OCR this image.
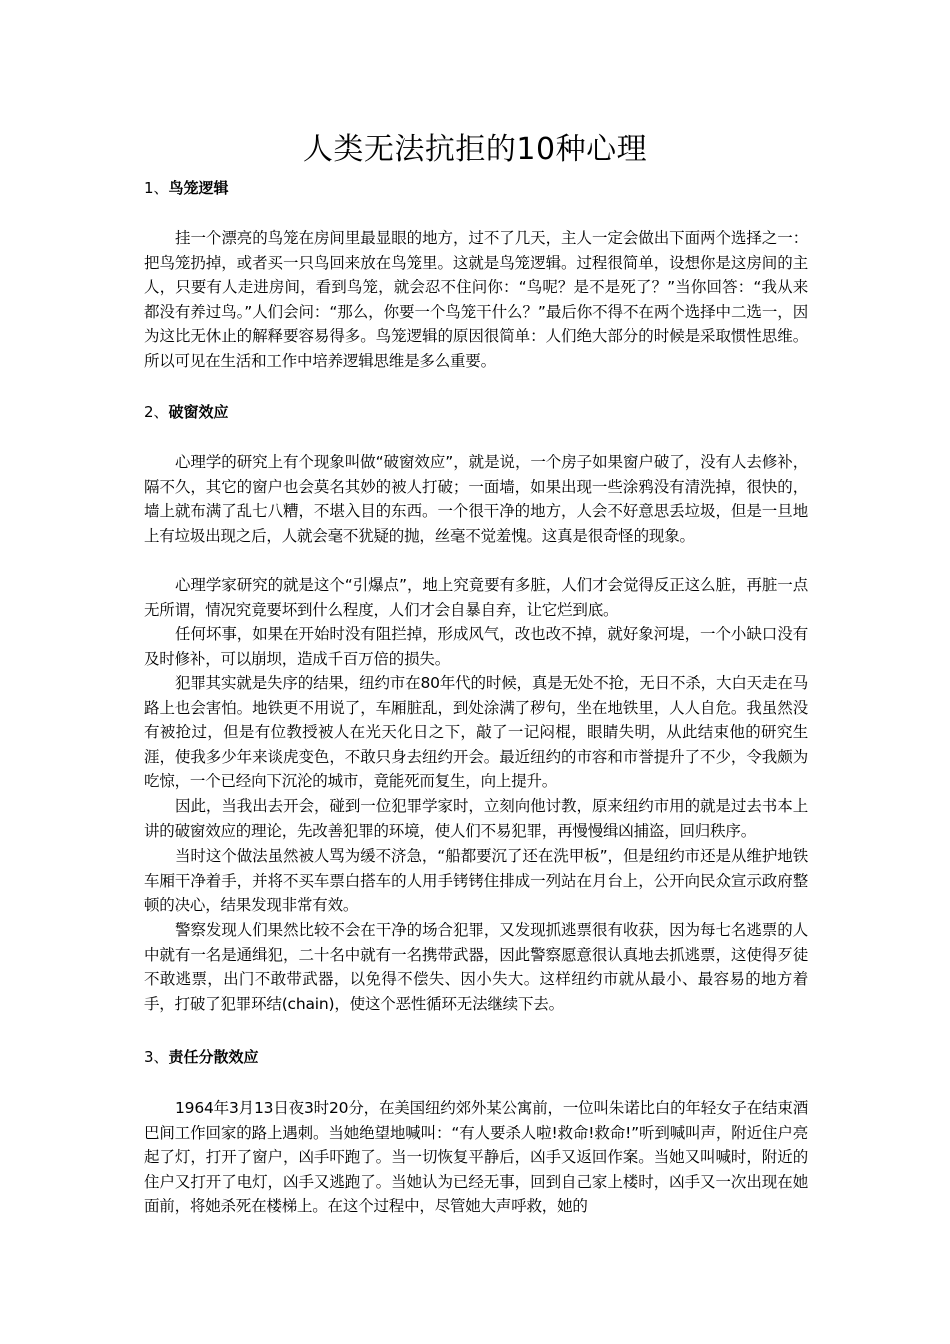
人类无法抗拒的10种心理
1、鸟笼逻辑

挂一个漂亮的鸟笼在房间里最显眼的地方，过不了几天，主人一定会做出下面两个选择之一：把鸟笼扔掉，或者买一只鸟回来放在鸟笼里。这就是鸟笼逻辑。过程很简单，设想你是这房间的主人，只要有人走进房间，看到鸟笼，就会忍不住问你：“鸟呢？是不是死了？”当你回答：“我从来都没有养过鸟。”人们会问：“那么，你要一个鸟笼干什么？”最后你不得不在两个选择中二选一，因为这比无休止的解释要容易得多。鸟笼逻辑的原因很简单：人们绝大部分的时候是采取惯性思维。所以可见在生活和工作中培养逻辑思维是多么重要。

2、破窗效应

心理学的研究上有个现象叫做“破窗效应”，就是说，一个房子如果窗户破了，没有人去修补，隔不久，其它的窗户也会莫名其妙的被人打破；一面墙，如果出现一些涂鸦没有清洗掉，很快的，墙上就布满了乱七八糟，不堪入目的东西。一个很干净的地方，人会不好意思丢垃圾，但是一旦地上有垃圾出现之后，人就会毫不犹疑的抛，丝毫不觉羞愧。这真是很奇怪的现象。

心理学家研究的就是这个“引爆点”，地上究竟要有多脏，人们才会觉得反正这么脏，再脏一点无所谓，情况究竟要坏到什么程度，人们才会自暴自弃，让它烂到底。

任何坏事，如果在开始时没有阻拦掉，形成风气，改也改不掉，就好象河堤，一个小缺口没有及时修补，可以崩坝，造成千百万倍的损失。

犯罪其实就是失序的结果，纽约市在80年代的时候，真是无处不抢，无日不杀，大白天走在马路上也会害怕。地铁更不用说了，车厢脏乱，到处涂满了秽句，坐在地铁里，人人自危。我虽然没有被抢过，但是有位教授被人在光天化日之下，敲了一记闷棍，眼睛失明，从此结束他的研究生涯，使我多少年来谈虎变色，不敢只身去纽约开会。最近纽约的市容和市誉提升了不少，令我颇为吃惊，一个已经向下沉沦的城市，竟能死而复生，向上提升。

因此，当我出去开会，碰到一位犯罪学家时，立刻向他讨教，原来纽约市用的就是过去书本上讲的破窗效应的理论，先改善犯罪的环境，使人们不易犯罪，再慢慢缉凶捕盗，回归秩序。

当时这个做法虽然被人骂为缓不济急，“船都要沉了还在洗甲板”，但是纽约市还是从维护地铁车厢干净着手，并将不买车票白搭车的人用手铐铐住排成一列站在月台上，公开向民众宣示政府整顿的决心，结果发现非常有效。

警察发现人们果然比较不会在干净的场合犯罪，又发现抓逃票很有收获，因为每七名逃票的人中就有一名是通缉犯，二十名中就有一名携带武器，因此警察愿意很认真地去抓逃票，这使得歹徒不敢逃票，出门不敢带武器，以免得不偿失、因小失大。这样纽约市就从最小、最容易的地方着手，打破了犯罪环结(chain)，使这个恶性循环无法继续下去。

3、责任分散效应

1964年3月13日夜3时20分，在美国纽约郊外某公寓前，一位叫朱诺比白的年轻女子在结束酒巴间工作回家的路上遇刺。当她绝望地喊叫：“有人要杀人啦!救命!救命!”听到喊叫声，附近住户亮起了灯，打开了窗户，凶手吓跑了。当一切恢复平静后，凶手又返回作案。当她又叫喊时，附近的住户又打开了电灯，凶手又逃跑了。当她认为已经无事，回到自己家上楼时，凶手又一次出现在她面前，将她杀死在楼梯上。在这个过程中，尽管她大声呼救，她的
